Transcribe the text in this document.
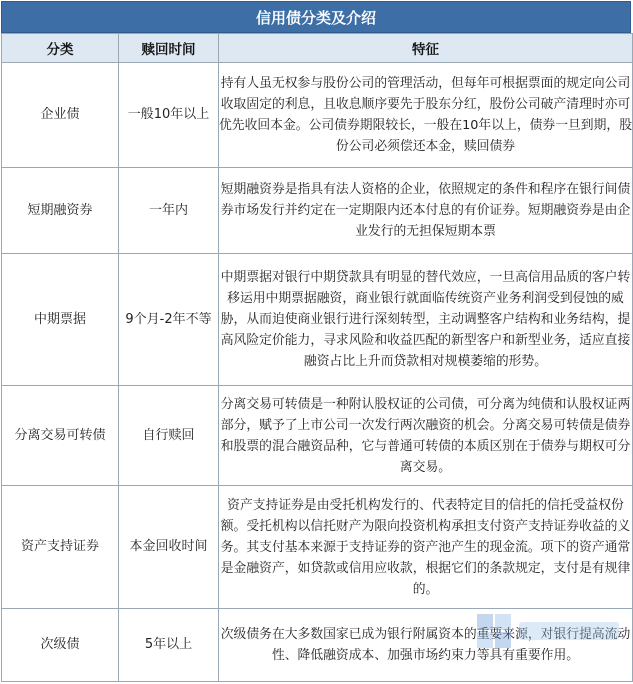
信用债分类及介绍
分类	赎回时间	特征
企业债	一般10年以上	持有人虽无权参与股份公司的管理活动，但每年可根据票面的规定向公司收取固定的利息，且收息顺序要先于股东分红，股份公司破产清理时亦可优先收回本金。公司债券期限较长，一般在10年以上，债券一旦到期，股份公司必须偿还本金，赎回债券
短期融资券	一年内	短期融资券是指具有法人资格的企业，依照规定的条件和程序在银行间债券市场发行并约定在一定期限内还本付息的有价证券。短期融资券是由企业发行的无担保短期本票
中期票据	9个月-2年不等	中期票据对银行中期贷款具有明显的替代效应，一旦高信用品质的客户转移运用中期票据融资，商业银行就面临传统资产业务利润受到侵蚀的威胁，从而迫使商业银行进行深刻转型，主动调整客户结构和业务结构，提高风险定价能力，寻求风险和收益匹配的新型客户和新型业务，适应直接融资占比上升而贷款相对规模萎缩的形势。
分离交易可转债	自行赎回	分离交易可转债是一种附认股权证的公司债，可分离为纯债和认股权证两部分，赋予了上市公司一次发行两次融资的机会。分离交易可转债是债券和股票的混合融资品种，它与普通可转债的本质区别在于债券与期权可分离交易。
资产支持证券	本金回收时间	资产支持证券是由受托机构发行的、代表特定目的信托的信托受益权份额。受托机构以信托财产为限向投资机构承担支付资产支持证券收益的义务。其支付基本来源于支持证券的资产池产生的现金流。项下的资产通常是金融资产，如贷款或信用应收款，根据它们的条款规定，支付是有规律的。
次级债	5年以上	次级债务在大多数国家已成为银行附属资本的重要来源，对银行提高流动性、降低融资成本、加强市场约束力等具有重要作用。
